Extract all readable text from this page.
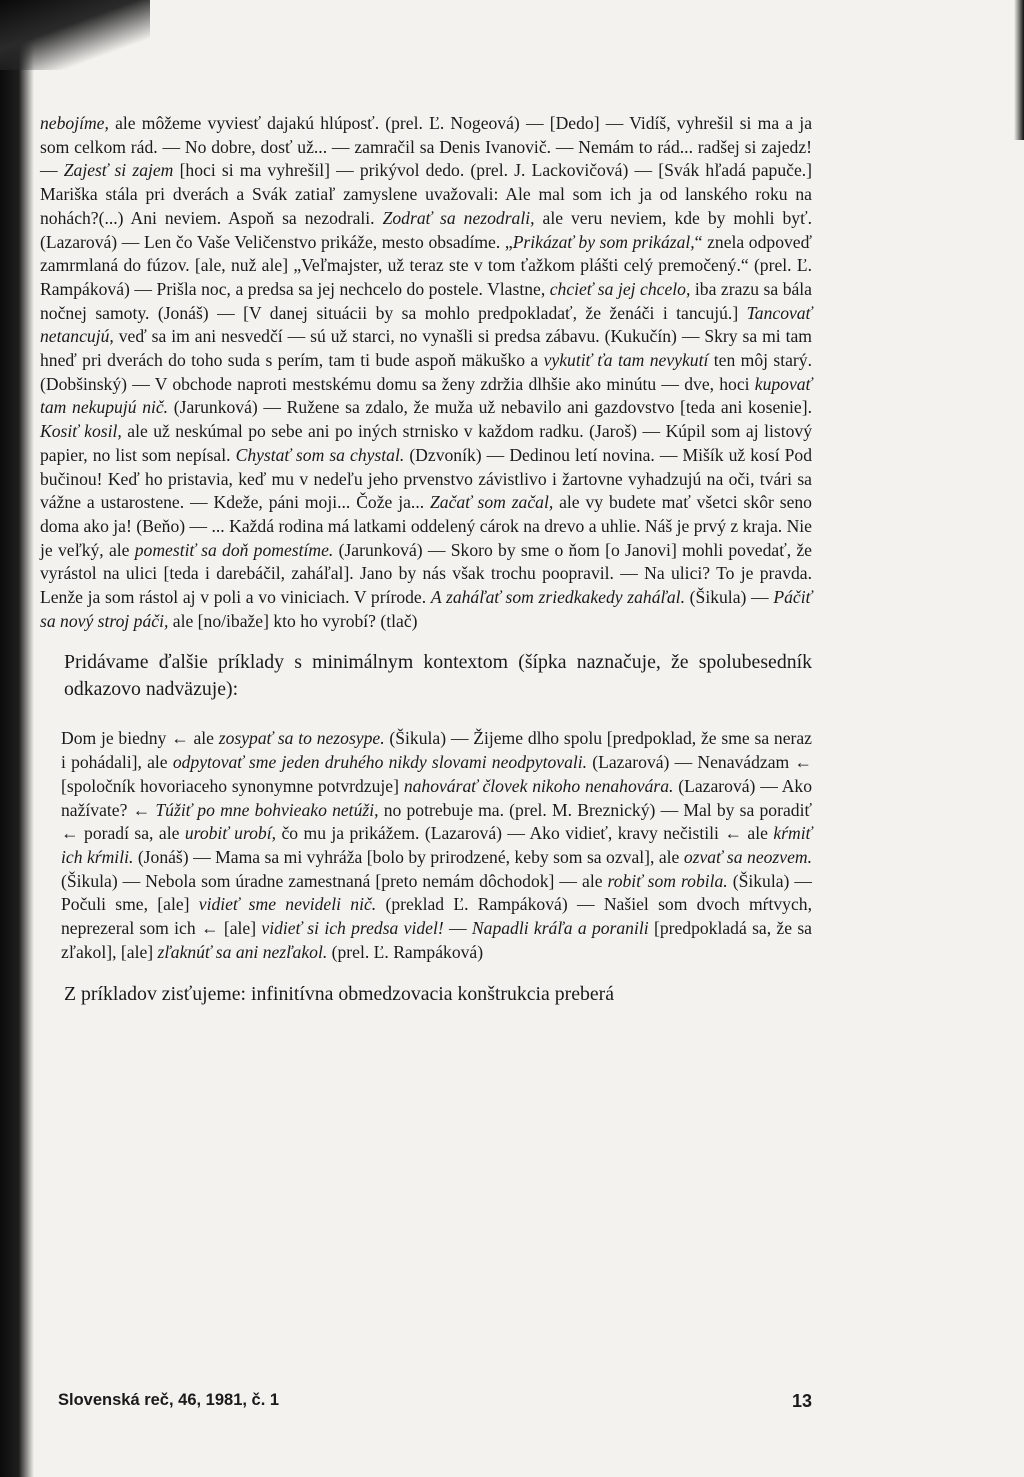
nebojíme, ale môžeme vyviesť dajakú hlúposť. (prel. Ľ. Nogeová) — [Dedo] — Vidíš, vyhrešil si ma a ja som celkom rád. — No dobre, dosť už... — zamračil sa Denis Ivanovič. — Nemám to rád... radšej si zajedz! — Zajesť si zajem [hoci si ma vyhrešil] — prikývol dedo. (prel. J. Lackovičová) — [Svák hľadá papuče.] Mariška stála pri dverách a Svák zatiaľ zamyslene uvažovali: Ale mal som ich ja od lanského roku na nohách?(...) Ani neviem. Aspoň sa nezodrali. Zodrať sa nezodrali, ale veru neviem, kde by mohli byť. (Lazarová) — Len čo Vaše Veličenstvo prikáže, mesto obsadíme. „Prikázať by som prikázal,“ znela odpoveď zamrmlaná do fúzov. [ale, nuž ale] „Veľmajster, už teraz ste v tom ťažkom plášti celý premočený.“ (prel. Ľ. Rampáková) — Prišla noc, a predsa sa jej nechcelo do postele. Vlastne, chcieť sa jej chcelo, iba zrazu sa bála nočnej samoty. (Jonáš) — [V danej situácii by sa mohlo predpokladať, že ženáči i tancujú.] Tancovať netancujú, veď sa im ani nesvedčí — sú už starci, no vynašli si predsa zábavu. (Kukučín) — Skry sa mi tam hneď pri dverách do toho suda s perím, tam ti bude aspoň mäkuško a vykutiť ťa tam nevykutí ten môj starý. (Dobšinský) — V obchode naproti mestskému domu sa ženy zdržia dlhšie ako minútu — dve, hoci kupovať tam nekupujú nič. (Jarunková) — Ružene sa zdalo, že muža už nebavilo ani gazdovstvo [teda ani kosenie]. Kosiť kosil, ale už neskúmal po sebe ani po iných strnisko v každom radku. (Jaroš) — Kúpil som aj listový papier, no list som nepísal. Chystať som sa chystal. (Dzvoník) — Dedinou letí novina. — Mišík už kosí Pod bučinou! Keď ho pristavia, keď mu v nedeľu jeho prvenstvo závistlivo i žartovne vyhadzujú na oči, tvári sa vážne a ustarostene. — Kdeže, páni moji... Čože ja... Začať som začal, ale vy budete mať všetci skôr seno doma ako ja! (Beňo) — ... Každá rodina má latkami oddelený cárok na drevo a uhlie. Náš je prvý z kraja. Nie je veľký, ale pomestiť sa doň pomestíme. (Jarunková) — Skoro by sme o ňom [o Janovi] mohli povedať, že vyrástol na ulici [teda i darebáčil, zaháľal]. Jano by nás však trochu poopravil. — Na ulici? To je pravda. Lenže ja som rástol aj v poli a vo viniciach. V prírode. A zaháľať som zriedkakedy zaháľal. (Šikula) — Páčiť sa nový stroj páči, ale [no/ibaže] kto ho vyrobí? (tlač)

Pridávame ďalšie príklady s minimálnym kontextom (šípka naznačuje, že spolubesedník odkazovo nadväzuje):

Dom je biedny ← ale zosypať sa to nezosype. (Šikula) — Žijeme dlho spolu [predpoklad, že sme sa neraz i pohádali], ale odpytovať sme jeden druhého nikdy slovami neodpytovali. (Lazarová) — Nenavádzam ← [spoločník hovoriaceho synonymne potvrdzuje] nahovárať človek nikoho nenahovára. (Lazarová) — Ako nažívate? ← Túžiť po mne bohvieako netúži, no potrebuje ma. (prel. M. Breznický) — Mal by sa poradiť ← poradí sa, ale urobiť urobí, čo mu ja prikážem. (Lazarová) — Ako vidieť, kravy nečistili ← ale kŕmiť ich kŕmili. (Jonáš) — Mama sa mi vyhráža [bolo by prirodzené, keby som sa ozval], ale ozvať sa neozvem. (Šikula) — Nebola som úradne zamestnaná [preto nemám dôchodok] — ale robiť som robila. (Šikula) — Počuli sme, [ale] vidieť sme nevideli nič. (preklad Ľ. Rampáková) — Našiel som dvoch mŕtvych, neprezeral som ich ← [ale] vidieť si ich predsa videl! — Napadli kráľa a poranili [predpokladá sa, že sa zľakol], [ale] zľaknúť sa ani nezľakol. (prel. Ľ. Rampáková)

Z príkladov zisťujeme: infinitívna obmedzovacia konštrukcia preberá

Slovenská reč, 46, 1981, č. 1	13
